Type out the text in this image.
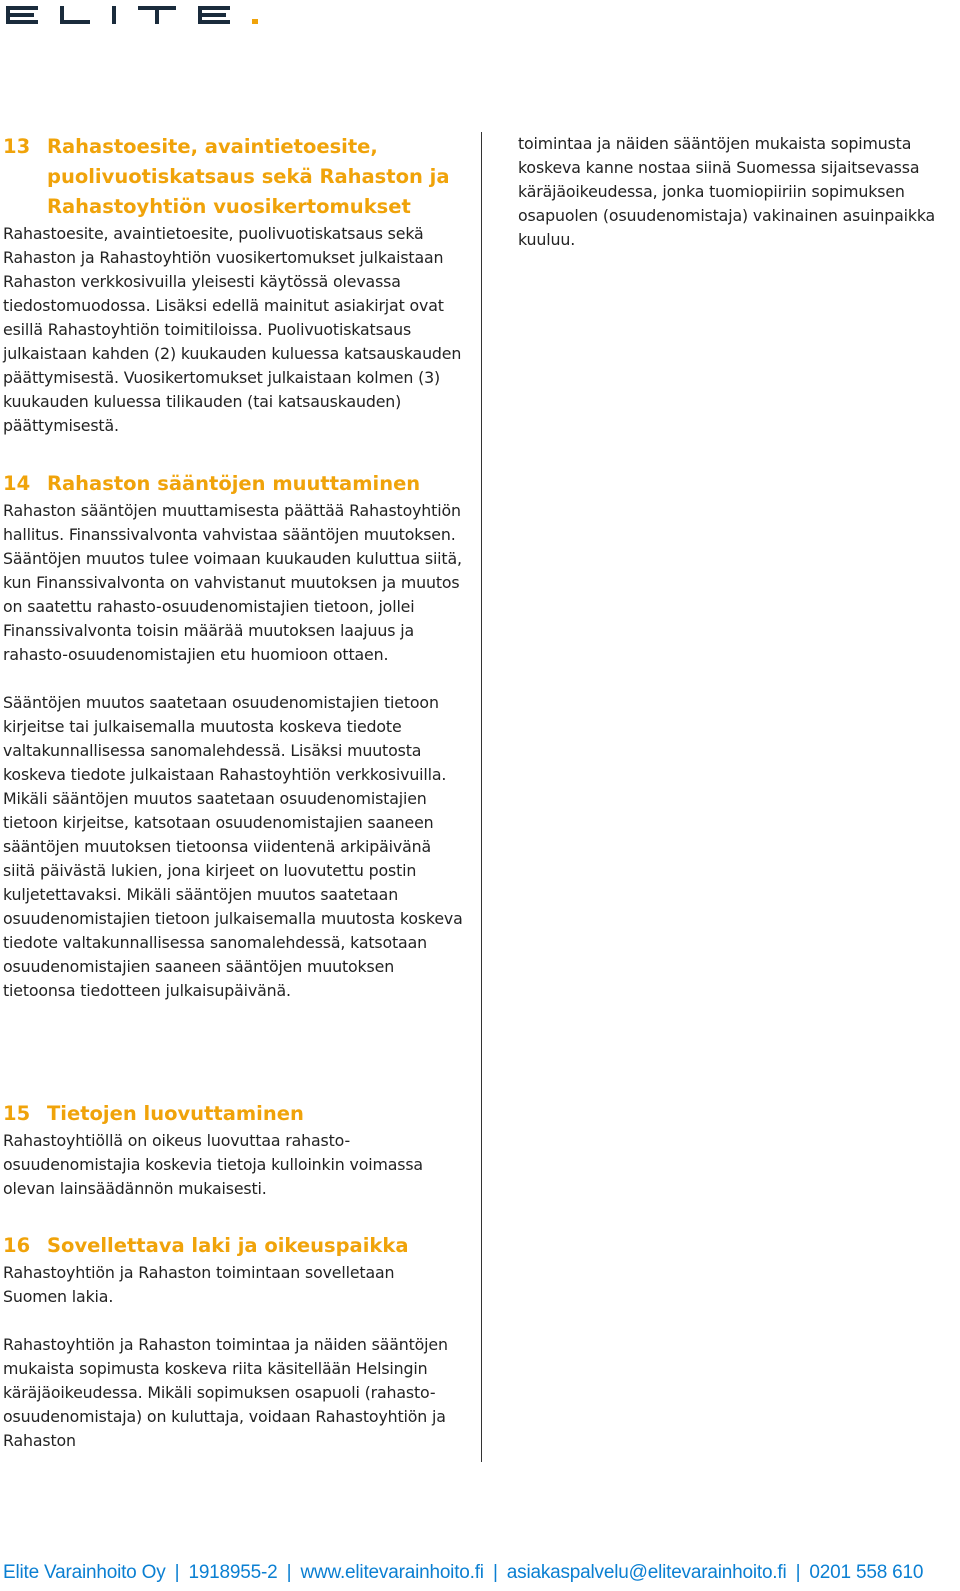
13 Rahastoesite, avaintietoesite, puolivuotiskatsaus sekä Rahaston ja Rahastoyhtiön vuosikertomukset

Rahastoesite, avaintietoesite, puolivuotiskatsaus sekä Rahaston ja Rahastoyhtiön vuosikertomukset julkaistaan Rahaston verkkosivuilla yleisesti käytössä olevassa tiedostomuodossa. Lisäksi edellä mainitut asiakirjat ovat esillä Rahastoyhtiön toimitiloissa. Puolivuotiskatsaus julkaistaan kahden (2) kuukauden kuluessa katsauskauden päättymisestä. Vuosikertomukset julkaistaan kolmen (3) kuukauden kuluessa tilikauden (tai katsauskauden) päättymisestä.

14 Rahaston sääntöjen muuttaminen

Rahaston sääntöjen muuttamisesta päättää Rahastoyhtiön hallitus. Finanssivalvonta vahvistaa sääntöjen muutoksen. Sääntöjen muutos tulee voimaan kuukauden kuluttua siitä, kun Finanssivalvonta on vahvistanut muutoksen ja muutos on saatettu rahasto-osuudenomistajien tietoon, jollei Finanssivalvonta toisin määrää muutoksen laajuus ja rahasto-osuudenomistajien etu huomioon ottaen.

Sääntöjen muutos saatetaan osuudenomistajien tietoon kirjeitse tai julkaisemalla muutosta koskeva tiedote valtakunnallisessa sanomalehdessä. Lisäksi muutosta koskeva tiedote julkaistaan Rahastoyhtiön verkkosivuilla. Mikäli sääntöjen muutos saatetaan osuudenomistajien tietoon kirjeitse, katsotaan osuudenomistajien saaneen sääntöjen muutoksen tietoonsa viidentenä arkipäivänä siitä päivästä lukien, jona kirjeet on luovutettu postin kuljetettavaksi. Mikäli sääntöjen muutos saatetaan osuudenomistajien tietoon julkaisemalla muutosta koskeva tiedote valtakunnallisessa sanomalehdessä, katsotaan osuudenomistajien saaneen sääntöjen muutoksen tietoonsa tiedotteen julkaisupäivänä.

15 Tietojen luovuttaminen

Rahastoyhtiöllä on oikeus luovuttaa rahasto-osuudenomistajia koskevia tietoja kulloinkin voimassa olevan lainsäädännön mukaisesti.

16 Sovellettava laki ja oikeuspaikka

Rahastoyhtiön ja Rahaston toimintaan sovelletaan Suomen lakia.

Rahastoyhtiön ja Rahaston toimintaa ja näiden sääntöjen mukaista sopimusta koskeva riita käsitellään Helsingin käräjäoikeudessa. Mikäli sopimuksen osapuoli (rahasto-osuudenomistaja) on kuluttaja, voidaan Rahastoyhtiön ja Rahaston

toimintaa ja näiden sääntöjen mukaista sopimusta koskeva kanne nostaa siinä Suomessa sijaitsevassa käräjäoikeudessa, jonka tuomiopiiriin sopimuksen osapuolen (osuudenomistaja) vakinainen asuinpaikka kuuluu.

Elite Varainhoito Oy | 1918955-2 | www.elitevarainhoito.fi | asiakaspalvelu@elitevarainhoito.fi | 0201 558 610
